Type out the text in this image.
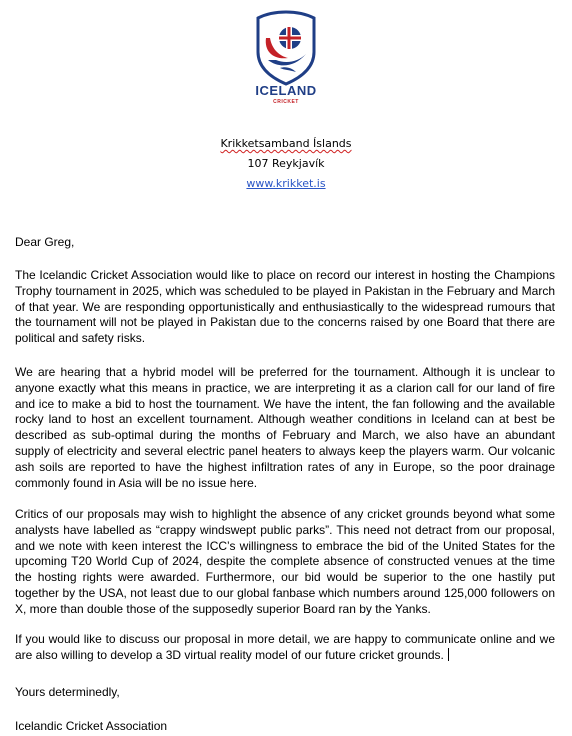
ICELAND
CRICKET
Krikketsamband Íslands
107 Reykjavík
www.krikket.is
Dear Greg,
The Icelandic Cricket Association would like to place on record our interest in hosting the Champions Trophy tournament in 2025, which was scheduled to be played in Pakistan in the February and March of that year. We are responding opportunistically and enthusiastically to the widespread rumours that the tournament will not be played in Pakistan due to the concerns raised by one Board that there are political and safety risks.
We are hearing that a hybrid model will be preferred for the tournament. Although it is unclear to anyone exactly what this means in practice, we are interpreting it as a clarion call for our land of fire and ice to make a bid to host the tournament. We have the intent, the fan following and the available rocky land to host an excellent tournament. Although weather conditions in Iceland can at best be described as sub-optimal during the months of February and March, we also have an abundant supply of electricity and several electric panel heaters to always keep the players warm. Our volcanic ash soils are reported to have the highest infiltration rates of any in Europe, so the poor drainage commonly found in Asia will be no issue here.
Critics of our proposals may wish to highlight the absence of any cricket grounds beyond what some analysts have labelled as “crappy windswept public parks”. This need not detract from our proposal, and we note with keen interest the ICC’s willingness to embrace the bid of the United States for the upcoming T20 World Cup of 2024, despite the complete absence of constructed venues at the time the hosting rights were awarded. Furthermore, our bid would be superior to the one hastily put together by the USA, not least due to our global fanbase which numbers around 125,000 followers on X, more than double those of the supposedly superior Board ran by the Yanks.
If you would like to discuss our proposal in more detail, we are happy to communicate online and we are also willing to develop a 3D virtual reality model of our future cricket grounds.
Yours determinedly,
Icelandic Cricket Association
